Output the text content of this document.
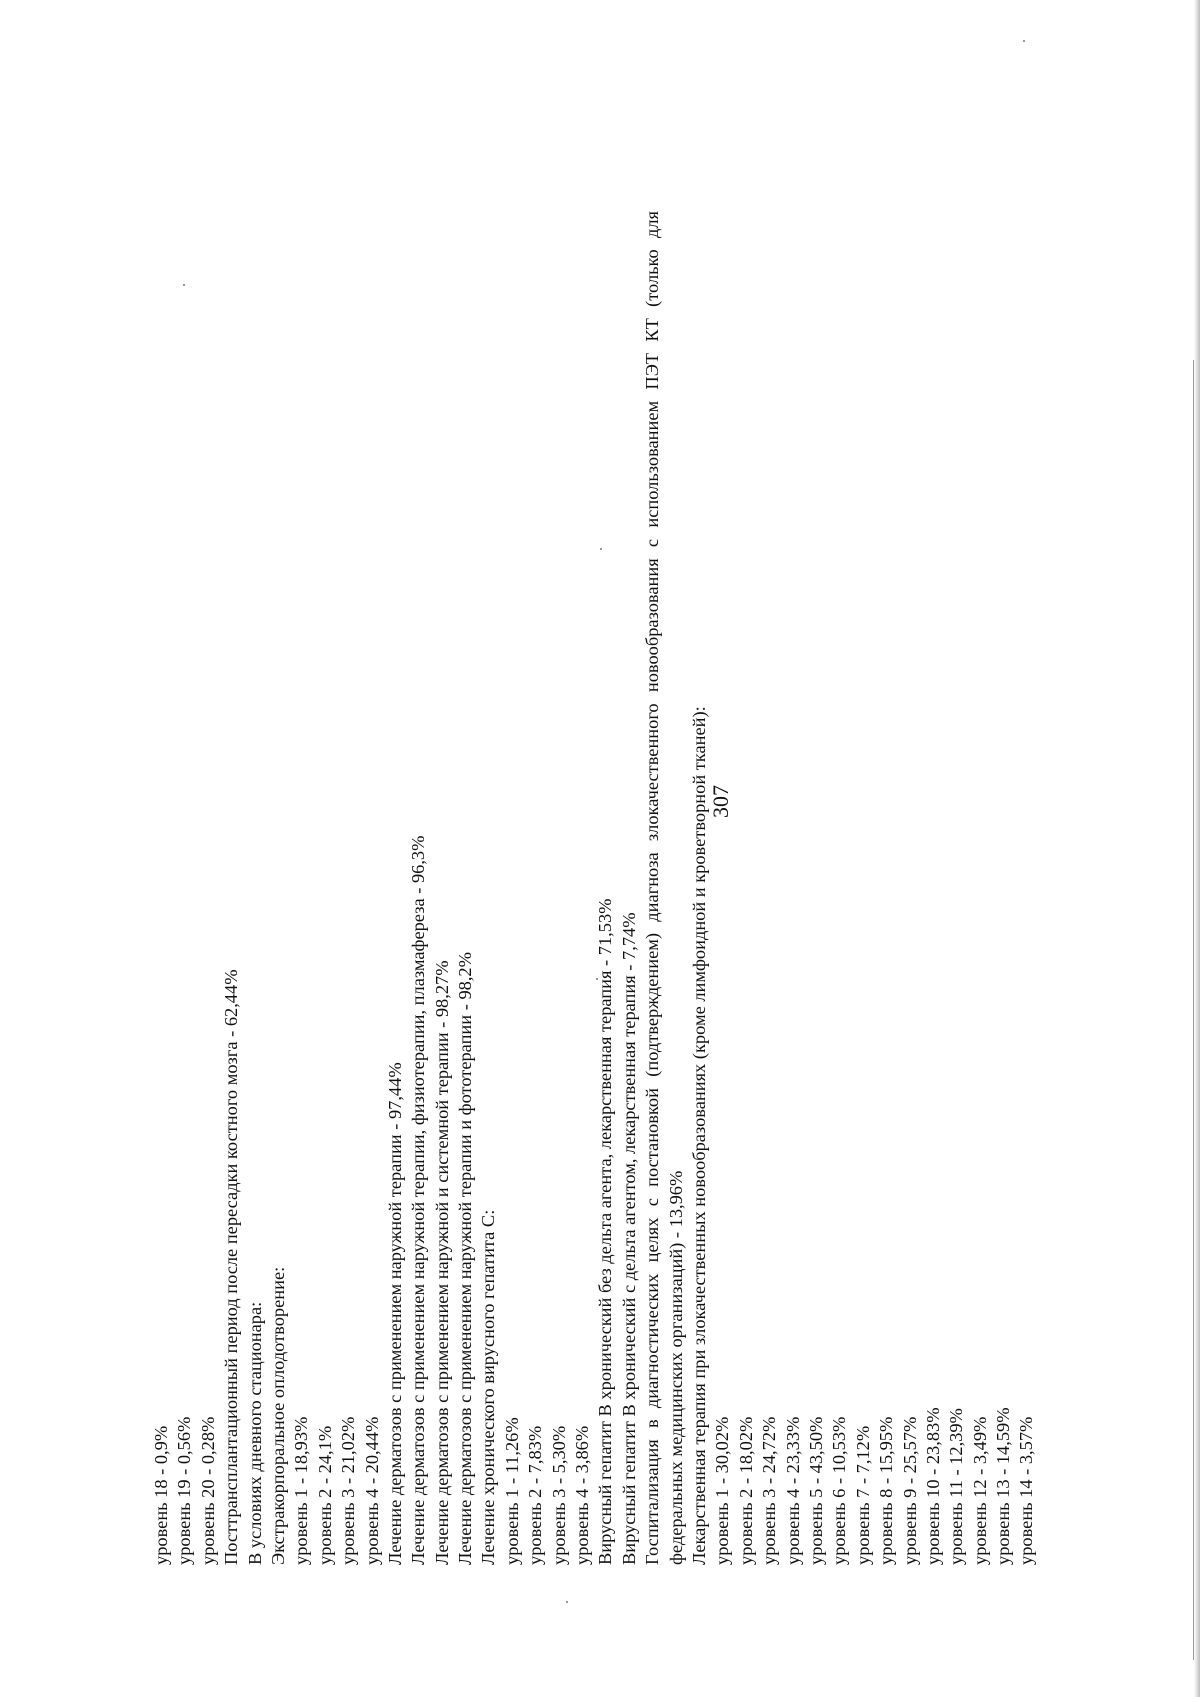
307
уровень 18 - 0,9% уровень 19 - 0,56% уровень 20 - 0,28% Посттрансплантационный период после пересадки костного мозга - 62,44% В условиях дневного стационара: Экстракорпоральное оплодотворение: уровень 1 - 18,93% уровень 2 - 24,1% уровень 3 - 21,02% уровень 4 - 20,44% Лечение дерматозов с применением наружной терапии - 97,44% Лечение дерматозов с применением наружной терапии, физиотерапии, плазмафереза - 96,3% Лечение дерматозов с применением наружной и системной терапии - 98,27% Лечение дерматозов с применением наружной терапии и фототерапии - 98,2% Лечение хронического вирусного гепатита С: уровень 1 - 11,26% уровень 2 - 7,83% уровень 3 - 5,30% уровень 4 - 3,86% Вирусный гепатит В хронический без дельта агента, лекарственная терапия - 71,53% Вирусный гепатит В хронический с дельта агентом, лекарственная терапия - 7,74% Госпитализация в диагностических целях с постановкой (подтверждением) диагноза злокачественного новообразования с использованием ПЭТ КТ (только для федеральных медицинских организаций) - 13,96% Лекарственная терапия при злокачественных новообразованиях (кроме лимфоидной и кроветворной тканей): уровень 1 - 30,02% уровень 2 - 18,02% уровень 3 - 24,72% уровень 4 - 23,33% уровень 5 - 43,50% уровень 6 - 10,53% уровень 7 - 7,12% уровень 8 - 15,95% уровень 9 - 25,57% уровень 10 - 23,83% уровень 11 - 12,39% уровень 12 - 3,49% уровень 13 - 14,59% уровень 14 - 3,57%
